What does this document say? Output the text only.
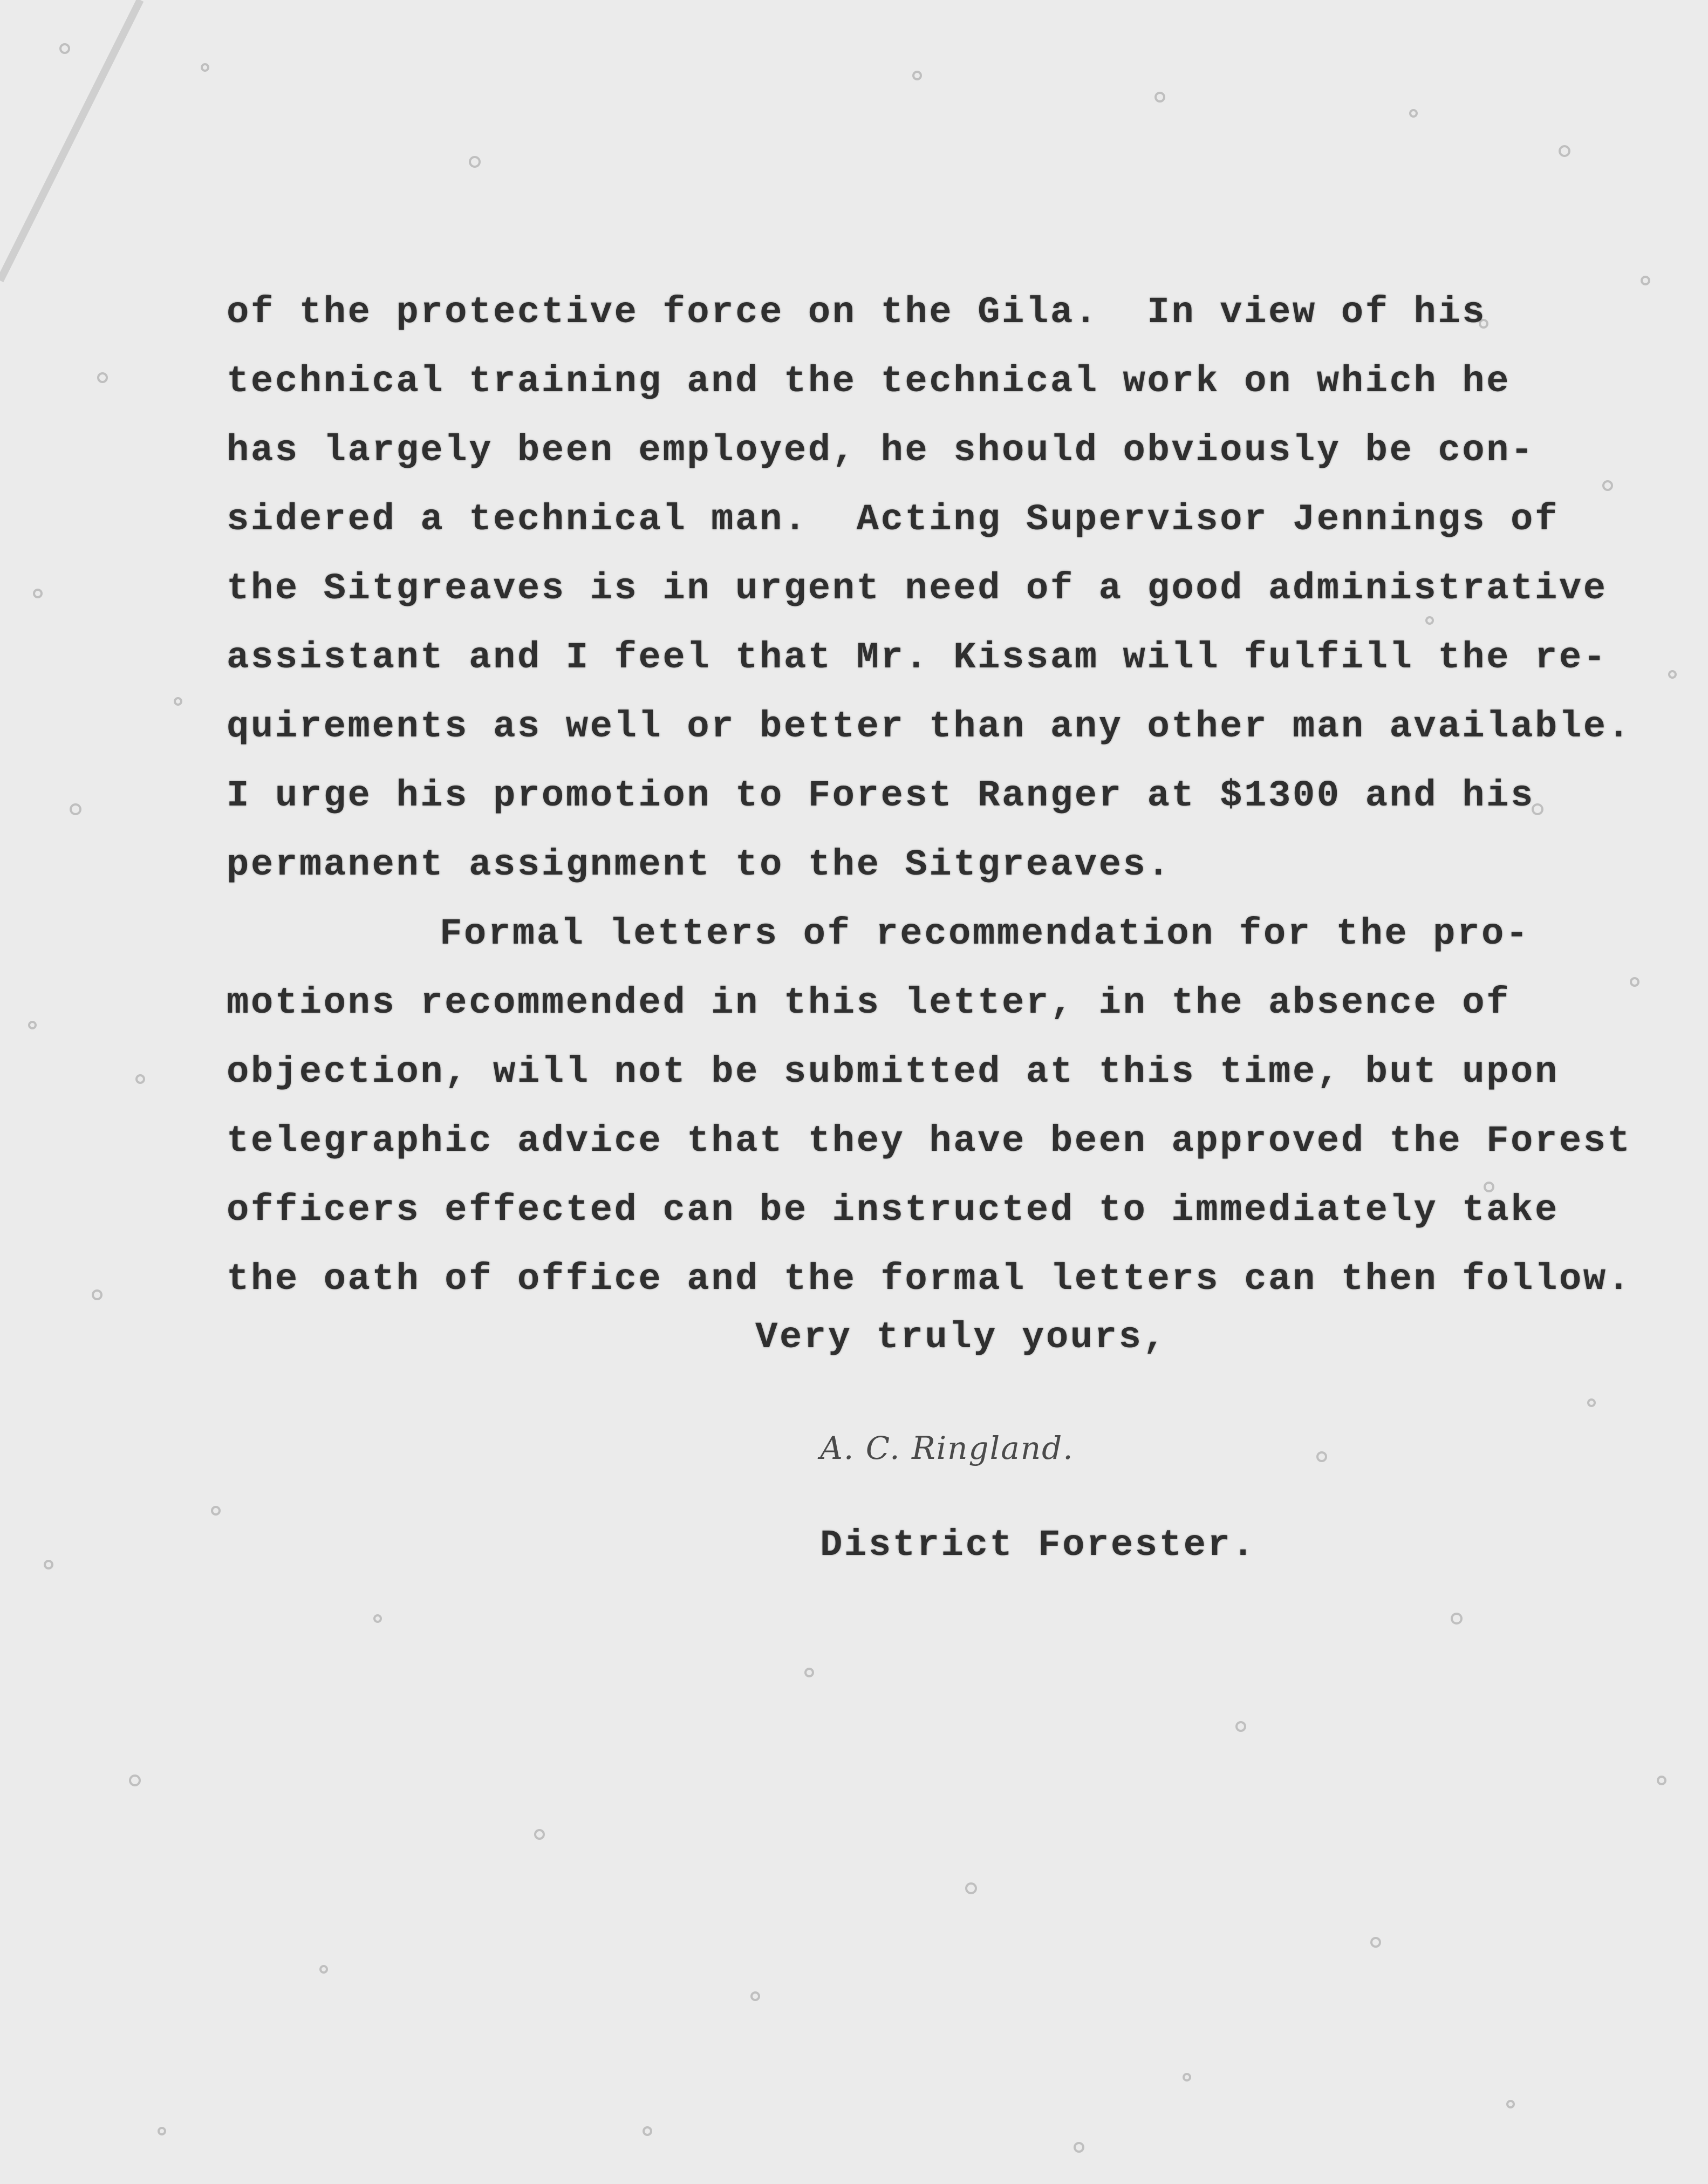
of the protective force on the Gila.  In view of his
technical training and the technical work on which he
has largely been employed, he should obviously be con-
sidered a technical man.  Acting Supervisor Jennings of
the Sitgreaves is in urgent need of a good administrative
assistant and I feel that Mr. Kissam will fulfill the re-
quirements as well or better than any other man available.
I urge his promotion to Forest Ranger at $1300 and his
permanent assignment to the Sitgreaves.
Formal letters of recommendation for the pro-
motions recommended in this letter, in the absence of
objection, will not be submitted at this time, but upon
telegraphic advice that they have been approved the Forest
officers effected can be instructed to immediately take
the oath of office and the formal letters can then follow.
Very truly yours,
A. C. Ringland.
District Forester.
